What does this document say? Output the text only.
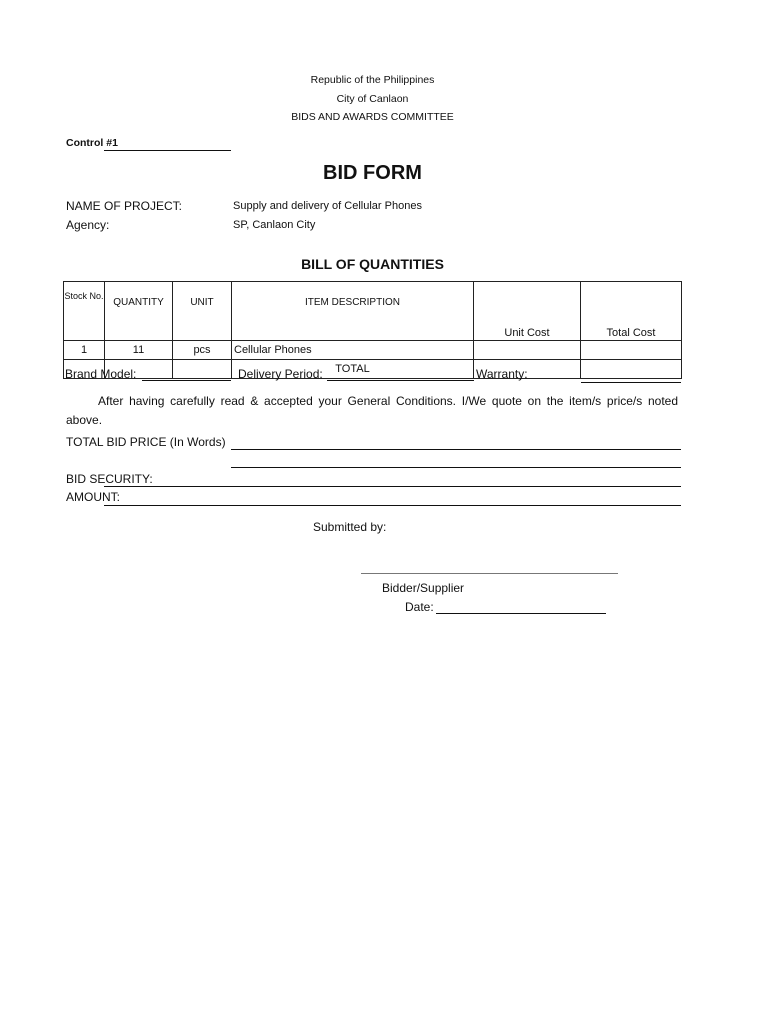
Republic of the Philippines
City of Canlaon
BIDS AND AWARDS COMMITTEE
Control #1
BID FORM
NAME OF PROJECT:	Supply and delivery of Cellular Phones
Agency:	SP, Canlaon City
BILL OF QUANTITIES
Stock No.	QUANTITY	UNIT	ITEM DESCRIPTION	Unit Cost	Total Cost
1	11	pcs	Cellular Phones		
			TOTAL		
Brand Model:	Delivery Period:	Warranty:
After having carefully read & accepted your General Conditions. I/We quote on the item/s price/s noted above.
TOTAL BID PRICE (In Words)
BID SECURITY:
AMOUNT:
Submitted by:
Bidder/Supplier
Date:
